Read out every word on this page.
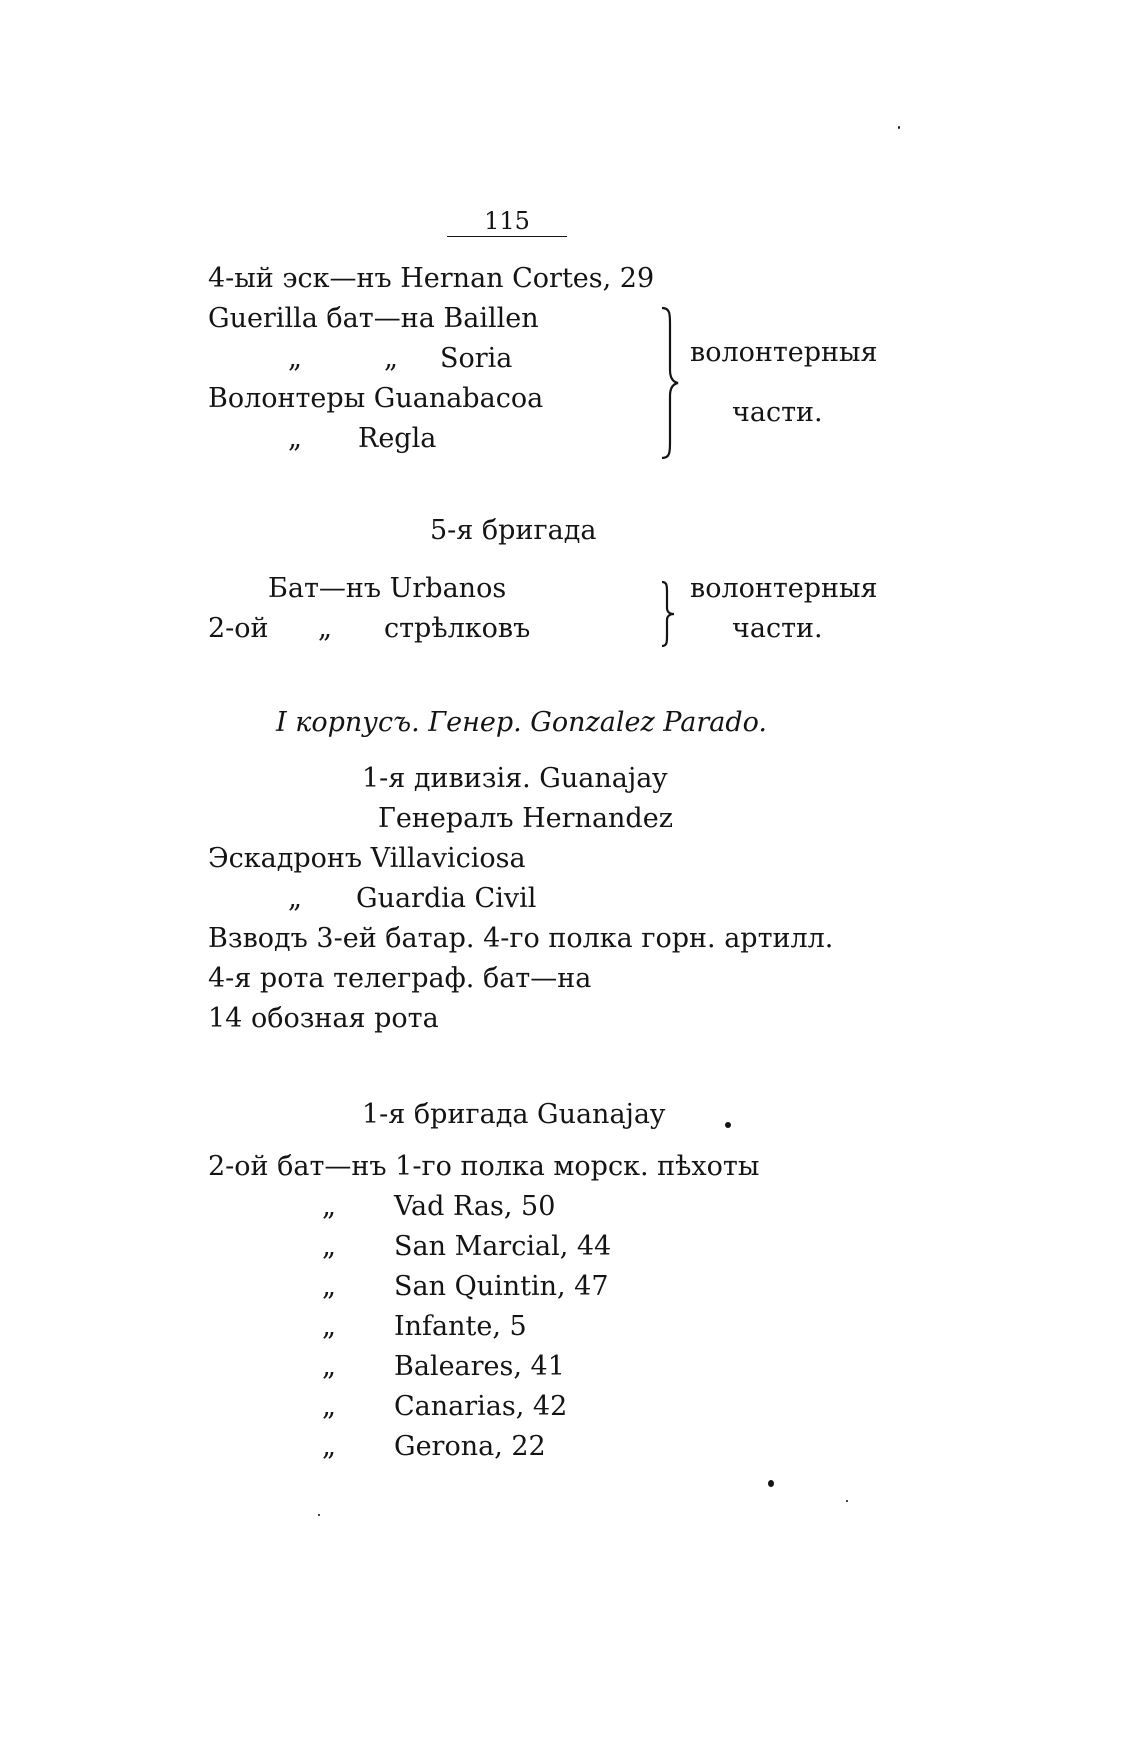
115
4-ый эск—нъ Hernan Cortes, 29
Guerilla бат—на Baillen
„	„ Soria
Волонтеры Guanabacoa
„ Regla
волонтерныя
части.
5-я бригада
Бат—нъ Urbanos
2-ой „ стрѣлковъ
волонтерныя
части.
I корпусъ. Генер. Gonzalez Parado.
1-я дивизія. Guanajay
Генералъ Hernandez
Эскадронъ Villaviciosa
„ Guardia Civil
Взводъ 3-ей батар. 4-го полка горн. артилл.
4-я рота телеграф. бат—на
14 обозная рота
1-я бригада Guanajay
2-ой бат—нъ 1-го полка морск. пѣхоты
„ Vad Ras, 50
„ San Marcial, 44
„ San Quintin, 47
„ Infante, 5
„ Baleares, 41
„ Canarias, 42
„ Gerona, 22
